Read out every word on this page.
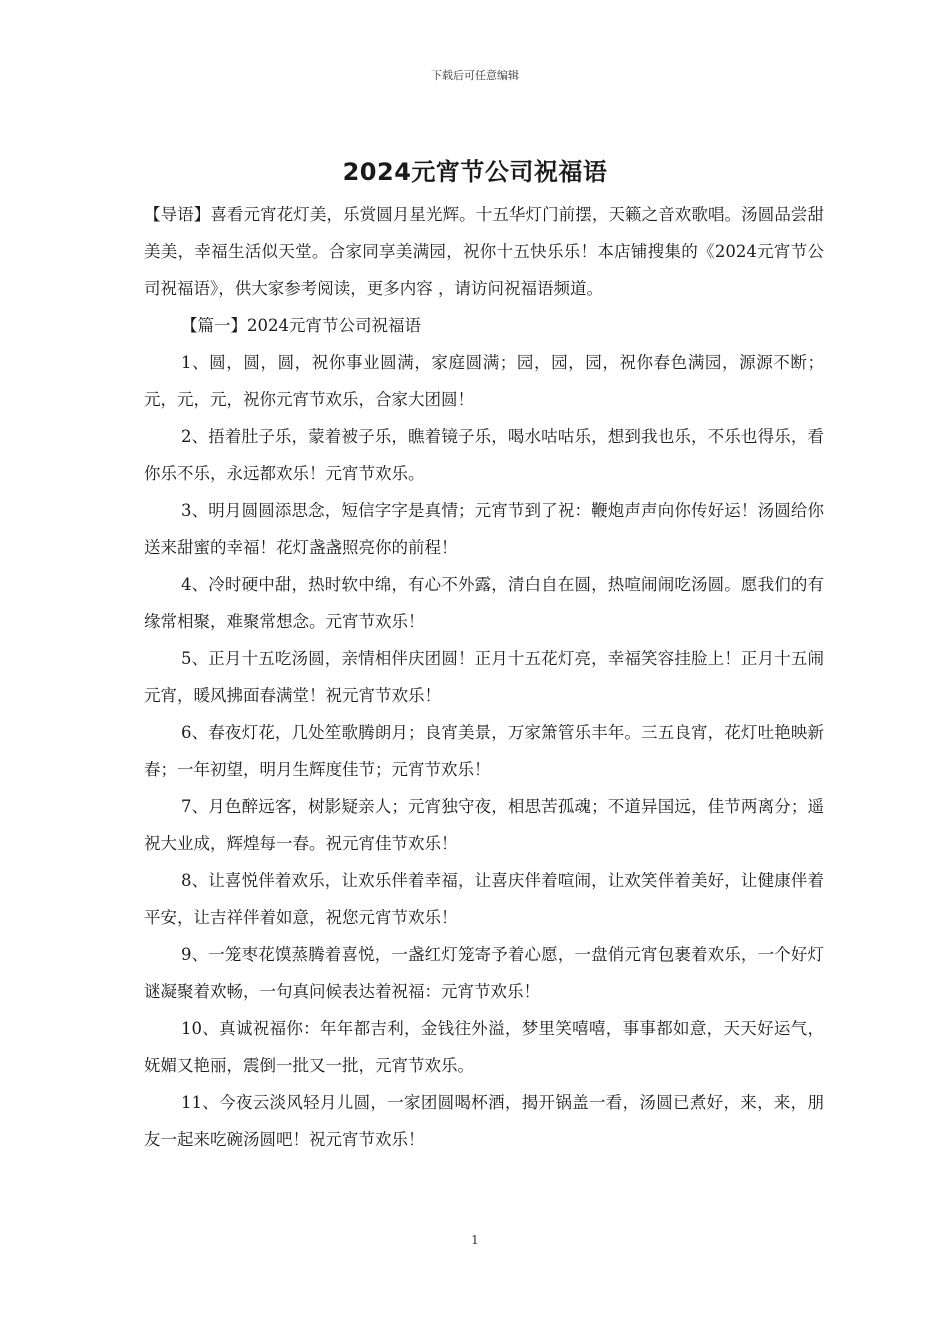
下载后可任意编辑
2024元宵节公司祝福语

【导语】喜看元宵花灯美，乐赏圆月星光辉。十五华灯门前摆，天籁之音欢歌唱。汤圆品尝甜美美，幸福生活似天堂。合家同享美满园，祝你十五快乐乐！本店铺搜集的《2024元宵节公司祝福语》，供大家参考阅读，更多内容 ，请访问祝福语频道。

【篇一】2024元宵节公司祝福语

1、圆，圆，圆，祝你事业圆满，家庭圆满；园，园，园，祝你春色满园，源源不断；元，元，元，祝你元宵节欢乐，合家大团圆！

2、捂着肚子乐，蒙着被子乐，瞧着镜子乐，喝水咕咕乐，想到我也乐，不乐也得乐，看你乐不乐，永远都欢乐！元宵节欢乐。

3、明月圆圆添思念，短信字字是真情；元宵节到了祝：鞭炮声声向你传好运！汤圆给你送来甜蜜的幸福！花灯盏盏照亮你的前程！

4、冷时硬中甜，热时软中绵，有心不外露，清白自在圆，热喧闹闹吃汤圆。愿我们的有缘常相聚，难聚常想念。元宵节欢乐！

5、正月十五吃汤圆，亲情相伴庆团圆！正月十五花灯亮，幸福笑容挂脸上！正月十五闹元宵，暖风拂面春满堂！祝元宵节欢乐！

6、春夜灯花，几处笙歌腾朗月；良宵美景，万家箫管乐丰年。三五良宵，花灯吐艳映新春；一年初望，明月生辉度佳节；元宵节欢乐！

7、月色醉远客，树影疑亲人；元宵独守夜，相思苦孤魂；不道异国远，佳节两离分；遥祝大业成，辉煌每一春。祝元宵佳节欢乐！

8、让喜悦伴着欢乐，让欢乐伴着幸福，让喜庆伴着喧闹，让欢笑伴着美好，让健康伴着平安，让吉祥伴着如意，祝您元宵节欢乐！

9、一笼枣花馍蒸腾着喜悦，一盏红灯笼寄予着心愿，一盘俏元宵包裹着欢乐，一个好灯谜凝聚着欢畅，一句真问候表达着祝福：元宵节欢乐！

10、真诚祝福你：年年都吉利，金钱往外溢，梦里笑嘻嘻，事事都如意，天天好运气，妩媚又艳丽，震倒一批又一批，元宵节欢乐。

11、今夜云淡风轻月儿圆，一家团圆喝杯酒，揭开锅盖一看，汤圆已煮好，来，来，朋友一起来吃碗汤圆吧！祝元宵节欢乐！

1
